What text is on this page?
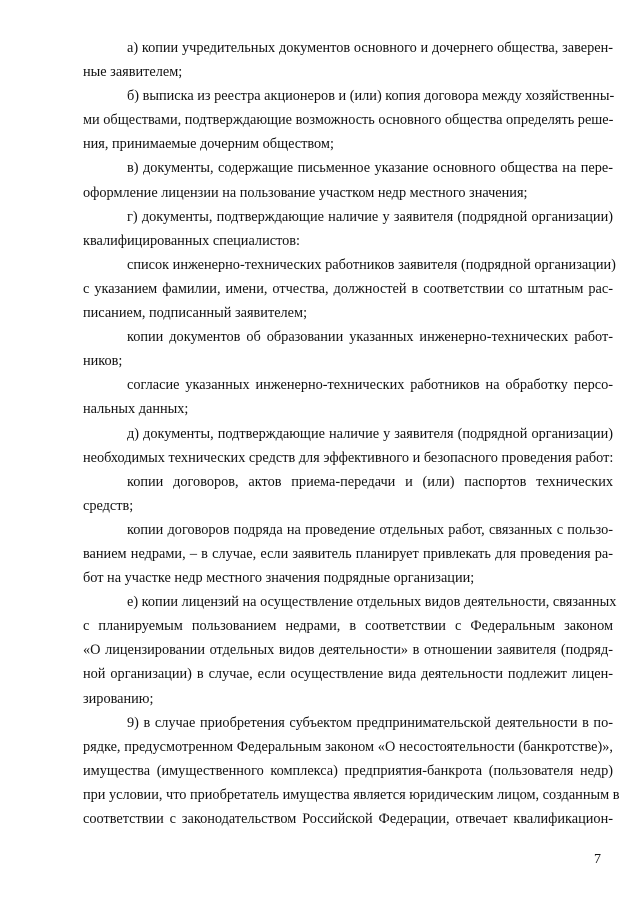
а) копии учредительных документов основного и дочернего общества, заверен-
ные заявителем;
б) выписка из реестра акционеров и (или) копия договора между хозяйственны-
ми обществами, подтверждающие возможность основного общества определять реше-
ния, принимаемые дочерним обществом;
в) документы, содержащие письменное указание основного общества на пере-
оформление лицензии на пользование участком недр местного значения;
г) документы, подтверждающие наличие у заявителя (подрядной организации)
квалифицированных специалистов:
список инженерно-технических работников заявителя (подрядной организации)
с указанием фамилии, имени, отчества, должностей в соответствии со штатным рас-
писанием, подписанный заявителем;
копии документов об образовании указанных инженерно-технических работ-
ников;
согласие указанных инженерно-технических работников на обработку персо-
нальных данных;
д) документы, подтверждающие наличие у заявителя (подрядной организации)
необходимых технических средств для эффективного и безопасного проведения работ:
копии договоров, актов приема-передачи и (или) паспортов технических
средств;
копии договоров подряда на проведение отдельных работ, связанных с пользо-
ванием недрами, – в случае, если заявитель планирует привлекать для проведения ра-
бот на участке недр местного значения подрядные организации;
е) копии лицензий на осуществление отдельных видов деятельности, связанных
с планируемым пользованием недрами, в соответствии с Федеральным законом
«О лицензировании отдельных видов деятельности» в отношении заявителя (подряд-
ной организации) в случае, если осуществление вида деятельности подлежит лицен-
зированию;
9) в случае приобретения субъектом предпринимательской деятельности в по-
рядке, предусмотренном Федеральным законом «О несостоятельности (банкротстве)»,
имущества (имущественного комплекса) предприятия-банкрота (пользователя недр)
при условии, что приобретатель имущества является юридическим лицом, созданным в
соответствии с законодательством Российской Федерации, отвечает квалификацион-
7
